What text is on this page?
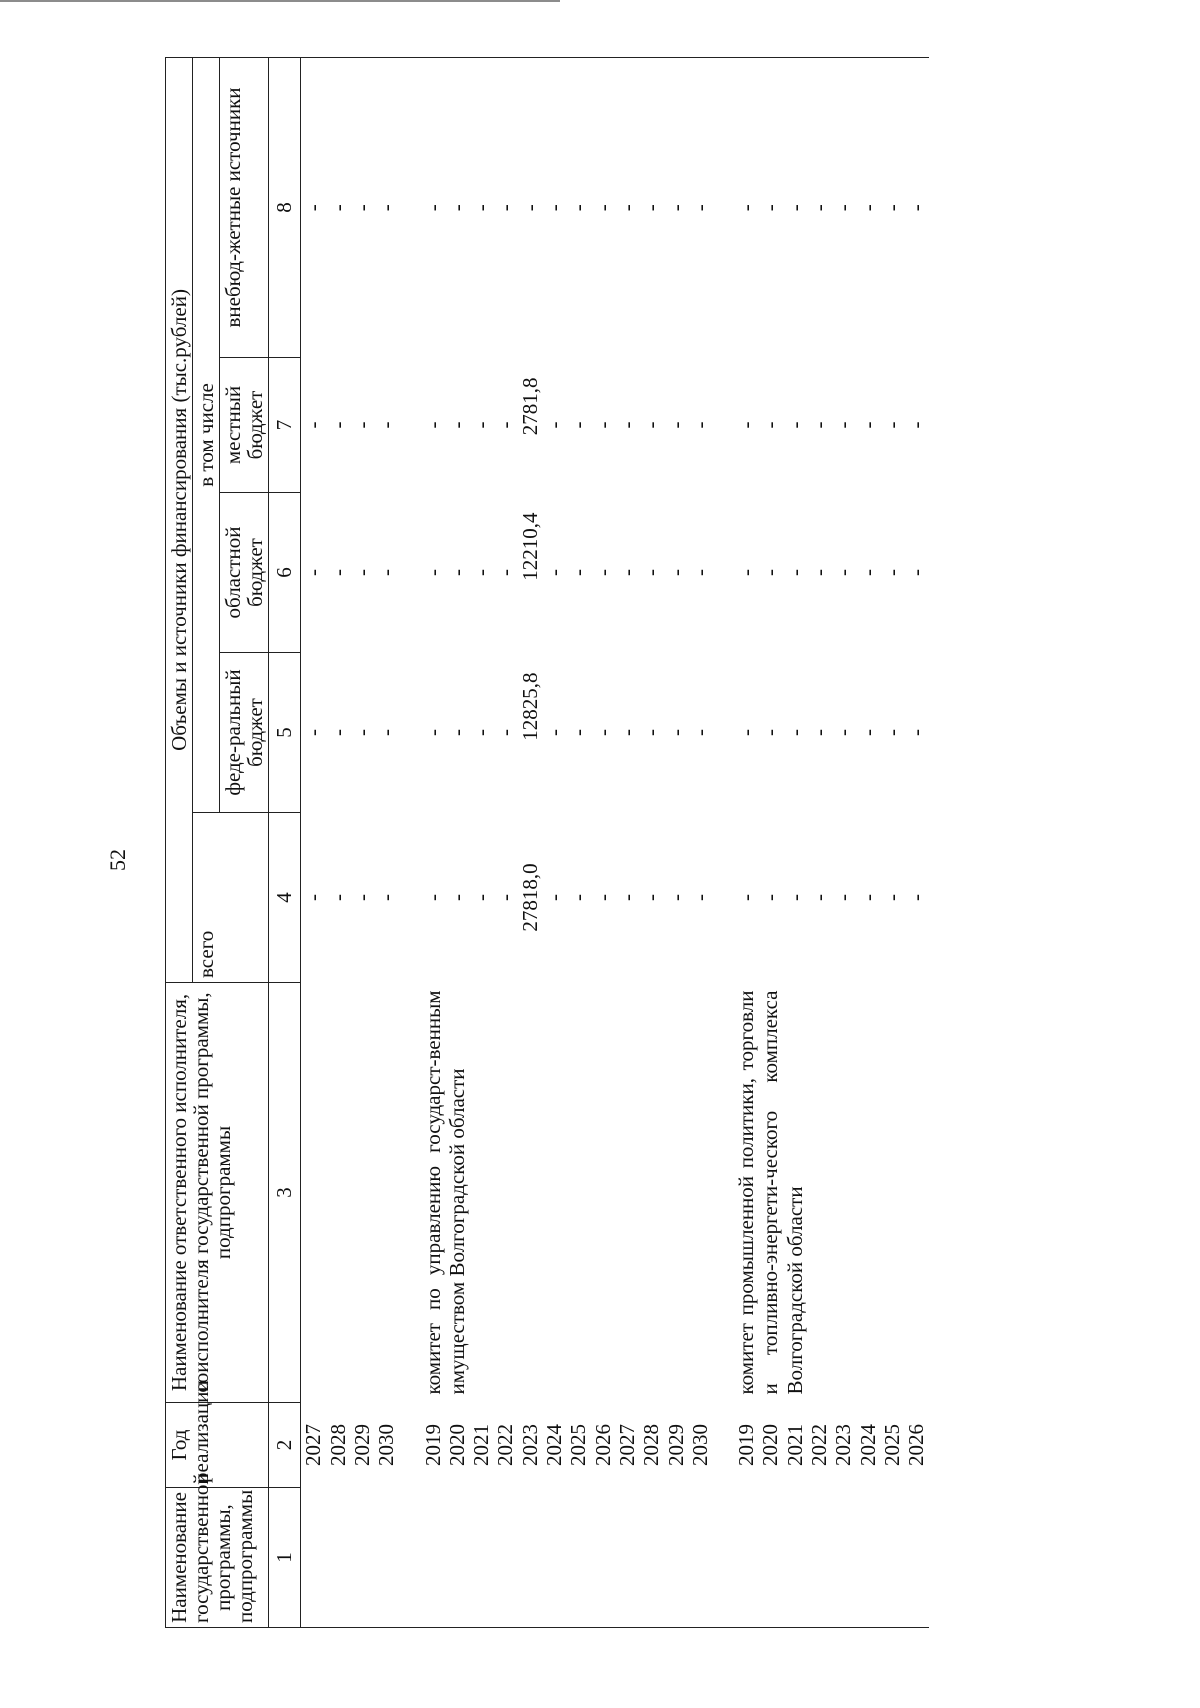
52
Наименование государственной программы, подпрограммы	Год реализации	Наименование ответственного исполнителя, соисполнителя государственной программы, подпрограммы	Объемы и источники финансирования (тыс.рублей)				
			всего	в том числе			
				феде-ральный бюджет	областной бюджет	местный бюджет	внебюд-жетные источники
1	2	3	4	5	6	7	8
	2027		-	-	-	-	-
	2028		-	-	-	-	-
	2029		-	-	-	-	-
	2030		-	-	-	-	-

	2019	комитет по управлению государст-венным имуществом Волгоградской области	-	-	-	-	-
	2020		-	-	-	-	-
	2021		-	-	-	-	-
	2022		-	-	-	-	-
	2023		27818,0	12825,8	12210,4	2781,8	-
	2024		-	-	-	-	-
	2025		-	-	-	-	-
	2026		-	-	-	-	-
	2027		-	-	-	-	-
	2028		-	-	-	-	-
	2029		-	-	-	-	-
	2030		-	-	-	-	-

	2019	комитет промышленной политики, торговли и топливно-энергети-ческого комплекса Волгоградской области	-	-	-	-	-
	2020		-	-	-	-	-
	2021		-	-	-	-	-
	2022		-	-	-	-	-
	2023		-	-	-	-	-
	2024		-	-	-	-	-
	2025		-	-	-	-	-
	2026		-	-	-	-	-
